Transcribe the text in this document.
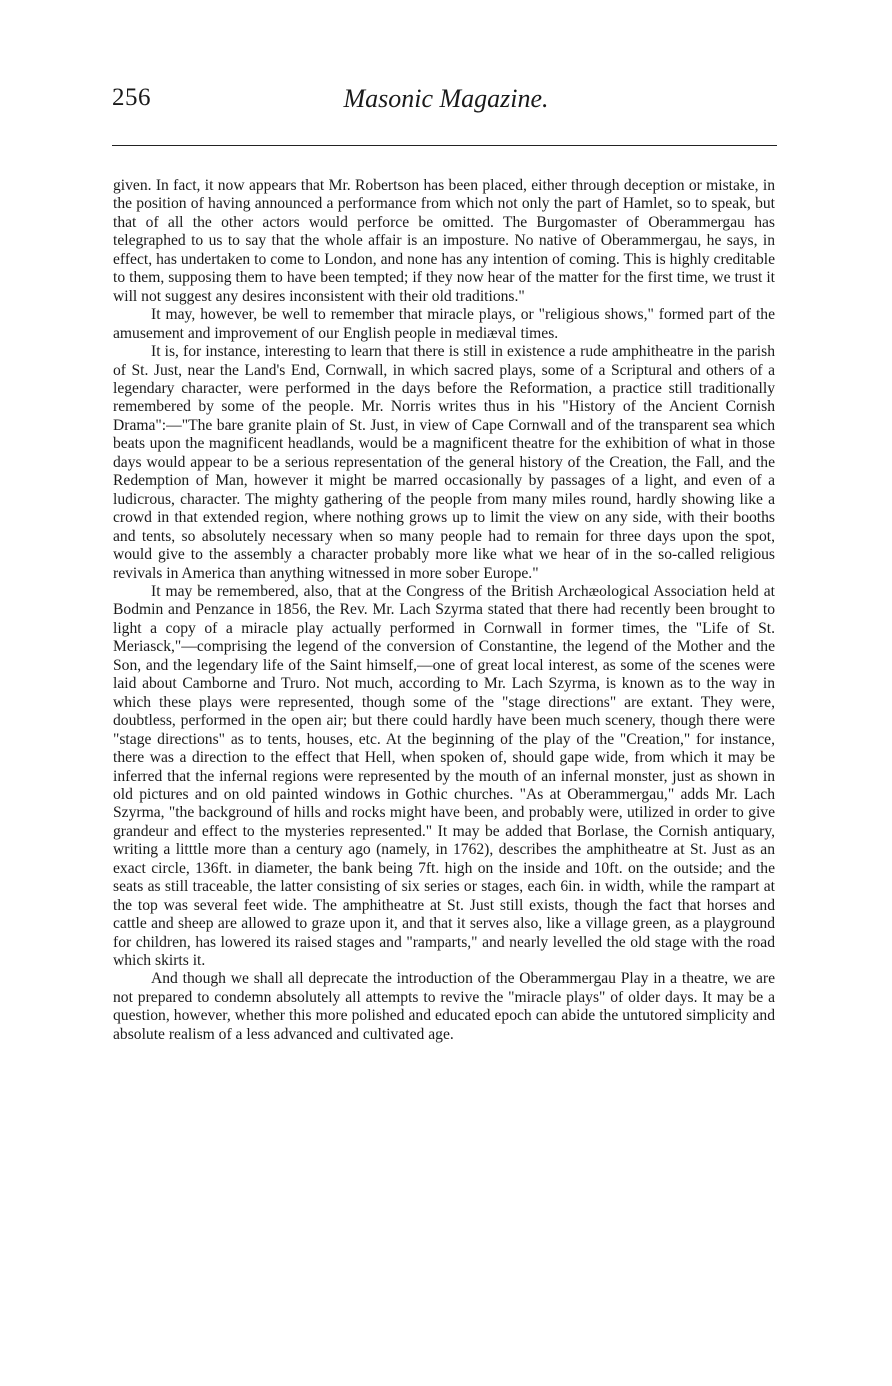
256	Masonic Magazine.

given. In fact, it now appears that Mr. Robertson has been placed, either through deception or mistake, in the position of having announced a performance from which not only the part of Hamlet, so to speak, but that of all the other actors would perforce be omitted. The Burgomaster of Oberammergau has telegraphed to us to say that the whole affair is an imposture. No native of Oberammergau, he says, in effect, has undertaken to come to London, and none has any intention of coming. This is highly creditable to them, supposing them to have been tempted; if they now hear of the matter for the first time, we trust it will not suggest any desires inconsistent with their old traditions."

It may, however, be well to remember that miracle plays, or "religious shows," formed part of the amusement and improvement of our English people in mediæval times.

It is, for instance, interesting to learn that there is still in existence a rude amphitheatre in the parish of St. Just, near the Land's End, Cornwall, in which sacred plays, some of a Scriptural and others of a legendary character, were performed in the days before the Reformation, a practice still traditionally remembered by some of the people. Mr. Norris writes thus in his "History of the Ancient Cornish Drama":—"The bare granite plain of St. Just, in view of Cape Cornwall and of the transparent sea which beats upon the magnificent headlands, would be a magnificent theatre for the exhibition of what in those days would appear to be a serious representation of the general history of the Creation, the Fall, and the Redemption of Man, however it might be marred occasionally by passages of a light, and even of a ludicrous, character. The mighty gathering of the people from many miles round, hardly showing like a crowd in that extended region, where nothing grows up to limit the view on any side, with their booths and tents, so absolutely necessary when so many people had to remain for three days upon the spot, would give to the assembly a character probably more like what we hear of in the so-called religious revivals in America than anything witnessed in more sober Europe."

It may be remembered, also, that at the Congress of the British Archæological Association held at Bodmin and Penzance in 1856, the Rev. Mr. Lach Szyrma stated that there had recently been brought to light a copy of a miracle play actually performed in Cornwall in former times, the "Life of St. Meriasck,"—comprising the legend of the conversion of Constantine, the legend of the Mother and the Son, and the legendary life of the Saint himself,—one of great local interest, as some of the scenes were laid about Camborne and Truro. Not much, according to Mr. Lach Szyrma, is known as to the way in which these plays were represented, though some of the "stage directions" are extant. They were, doubtless, performed in the open air; but there could hardly have been much scenery, though there were "stage directions" as to tents, houses, etc. At the beginning of the play of the "Creation," for instance, there was a direction to the effect that Hell, when spoken of, should gape wide, from which it may be inferred that the infernal regions were represented by the mouth of an infernal monster, just as shown in old pictures and on old painted windows in Gothic churches. "As at Oberammergau," adds Mr. Lach Szyrma, "the background of hills and rocks might have been, and probably were, utilized in order to give grandeur and effect to the mysteries represented." It may be added that Borlase, the Cornish antiquary, writing a litttle more than a century ago (namely, in 1762), describes the amphitheatre at St. Just as an exact circle, 136ft. in diameter, the bank being 7ft. high on the inside and 10ft. on the outside; and the seats as still traceable, the latter consisting of six series or stages, each 6in. in width, while the rampart at the top was several feet wide. The amphitheatre at St. Just still exists, though the fact that horses and cattle and sheep are allowed to graze upon it, and that it serves also, like a village green, as a playground for children, has lowered its raised stages and "ramparts," and nearly levelled the old stage with the road which skirts it.

And though we shall all deprecate the introduction of the Oberammergau Play in a theatre, we are not prepared to condemn absolutely all attempts to revive the "miracle plays" of older days. It may be a question, however, whether this more polished and educated epoch can abide the untutored simplicity and absolute realism of a less advanced and cultivated age.
